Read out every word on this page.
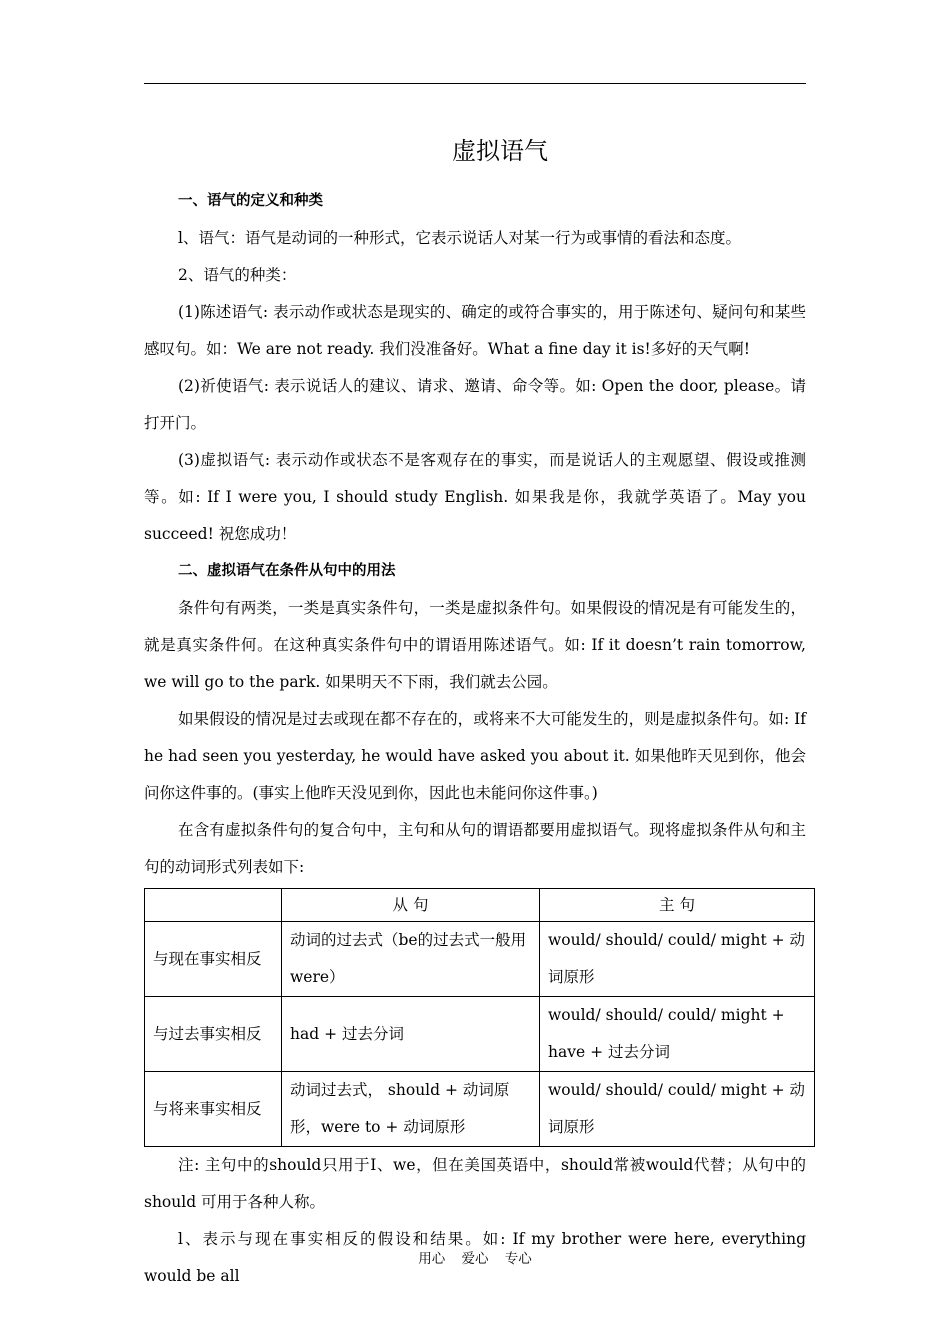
虚拟语气

一、语气的定义和种类

l、语气：语气是动词的一种形式，它表示说话人对某一行为或事情的看法和态度。

2、语气的种类：

(1)陈述语气: 表示动作或状态是现实的、确定的或符合事实的，用于陈述句、疑问句和某些感叹句。如：We are not ready. 我们没准备好。What a fine day it is!多好的天气啊!

(2)祈使语气: 表示说话人的建议、请求、邀请、命令等。如: Open the door, please。请打开门。

(3)虚拟语气: 表示动作或状态不是客观存在的事实，而是说话人的主观愿望、假设或推测等。如: If I were you, I should study English. 如果我是你，我就学英语了。May you succeed! 祝您成功！

二、虚拟语气在条件从句中的用法

条件句有两类，一类是真实条件句，一类是虚拟条件句。如果假设的情况是有可能发生的，就是真实条件何。在这种真实条件句中的谓语用陈述语气。如: If it doesn’t rain tomorrow, we will go to the park. 如果明天不下雨，我们就去公园。

如果假设的情况是过去或现在都不存在的，或将来不大可能发生的，则是虚拟条件句。如: If he had seen you yesterday, he would have asked you about it. 如果他昨天见到你，他会问你这件事的。(事实上他昨天没见到你，因此也未能问你这件事。)

在含有虚拟条件句的复合句中，主句和从句的谓语都要用虚拟语气。现将虚拟条件从句和主句的动词形式列表如下:

	从 句	主 句
与现在事实相反	动词的过去式（be的过去式一般用were）	would/ should/ could/ might + 动词原形
与过去事实相反	had + 过去分词	would/ should/ could/ might + have + 过去分词
与将来事实相反	动词过去式， should + 动词原形，were to + 动词原形	would/ should/ could/ might + 动词原形

注: 主句中的should只用于I、we，但在美国英语中，should常被would代替；从句中的should 可用于各种人称。

l、表示与现在事实相反的假设和结果。如: If my brother were here, everything would be all

用心 爱心 专心
